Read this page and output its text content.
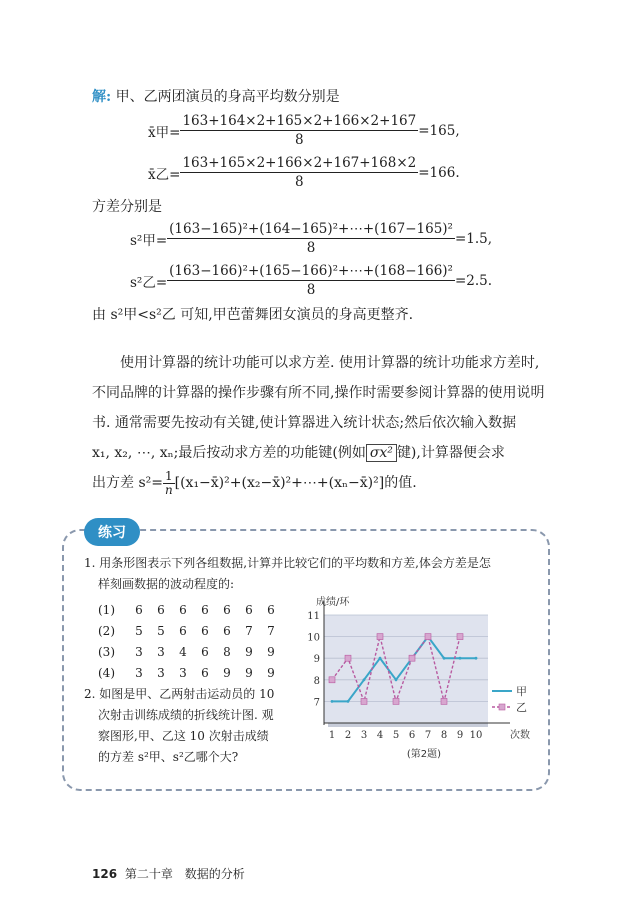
解: 甲、乙两团演员的身高平均数分别是
x̄甲= $\frac{163+164\times 2+165\times 2+166\times 2+167}{8} =165$,
x̄乙= $\frac{163+165\times 2+166\times 2+167+168\times 2}{8} =166$.
方差分别是
s²甲= $\frac{\text{(163−165)²+(164−165)²+⋯+(167−165)²}}{8} =1.5$,
s²乙= $\frac{\text{(163−166)²+(165−166)²+⋯+(168−166)²}}{8} =2.5$.
由 s²甲<s²乙 可知,甲芭蕾舞团女演员的身高更整齐.
使用计算器的统计功能可以求方差. 使用计算器的统计功能求方差时,
不同品牌的计算器的操作步骤有所不同,操作时需要参阅计算器的使用说明
书. 通常需要先按动有关键,使计算器进入统计状态;然后依次输入数据
x₁, x₂, ⋯, xₙ;最后按动求方差的功能键(例如 σx² 键),计算器便会求
出方差 $s^2= \frac{1}{n}$ [(x₁−x̄)²+(x₂−x̄)²+⋯+(xₙ−x̄)²]的值.
练习
1. 用条形图表示下列各组数据,计算并比较它们的平均数和方差,体会方差是怎
样刻画数据的波动程度的:
(1) 6 6 6 6 6 6 6
(2) 5 5 6 6 6 7 7
(3) 3 3 4 6 8 9 9
(4) 3 3 3 6 9 9 9
2. 如图是甲、乙两射击运动员的 10
次射击训练成绩的折线统计图. 观
察图形,甲、乙这 10 次射击成绩
的方差 s²甲、s²乙哪个大?
7
8
9
10
11
1 2 3 4 5 6 7 8 9 10
成绩/环
次数
(第2题)
甲
乙
126 第二十章 数据的分析
